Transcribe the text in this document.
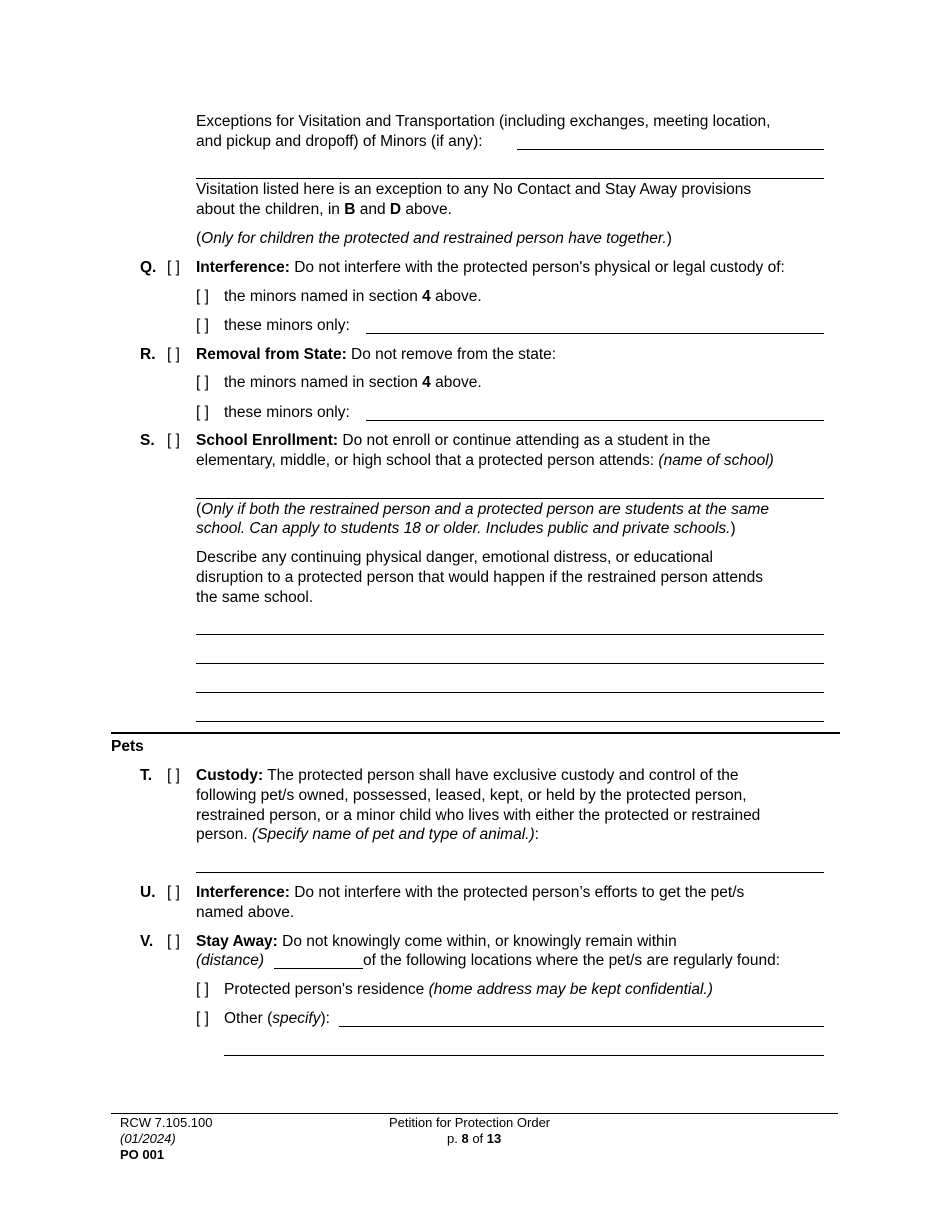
Exceptions for Visitation and Transportation (including exchanges, meeting location,
and pickup and dropoff) of Minors (if any):
Visitation listed here is an exception to any No Contact and Stay Away provisions
about the children, in B and D above.
(Only for children the protected and restrained person have together.)
Q. [ ] Interference: Do not interfere with the protected person's physical or legal custody of:
[ ] the minors named in section 4 above.
[ ] these minors only:
R. [ ] Removal from State: Do not remove from the state:
[ ] the minors named in section 4 above.
[ ] these minors only:
S. [ ] School Enrollment: Do not enroll or continue attending as a student in the
elementary, middle, or high school that a protected person attends: (name of school)
(Only if both the restrained person and a protected person are students at the same
school. Can apply to students 18 or older. Includes public and private schools.)
Describe any continuing physical danger, emotional distress, or educational
disruption to a protected person that would happen if the restrained person attends
the same school.
Pets
T. [ ] Custody: The protected person shall have exclusive custody and control of the
following pet/s owned, possessed, leased, kept, or held by the protected person,
restrained person, or a minor child who lives with either the protected or restrained
person. (Specify name of pet and type of animal.):
U. [ ] Interference: Do not interfere with the protected person’s efforts to get the pet/s
named above.
V. [ ] Stay Away: Do not knowingly come within, or knowingly remain within
(distance)	of the following locations where the pet/s are regularly found:
[ ] Protected person's residence (home address may be kept confidential.)
[ ] Other (specify):
RCW 7.105.100
(01/2024)
PO 001
Petition for Protection Order
p. 8 of 13
